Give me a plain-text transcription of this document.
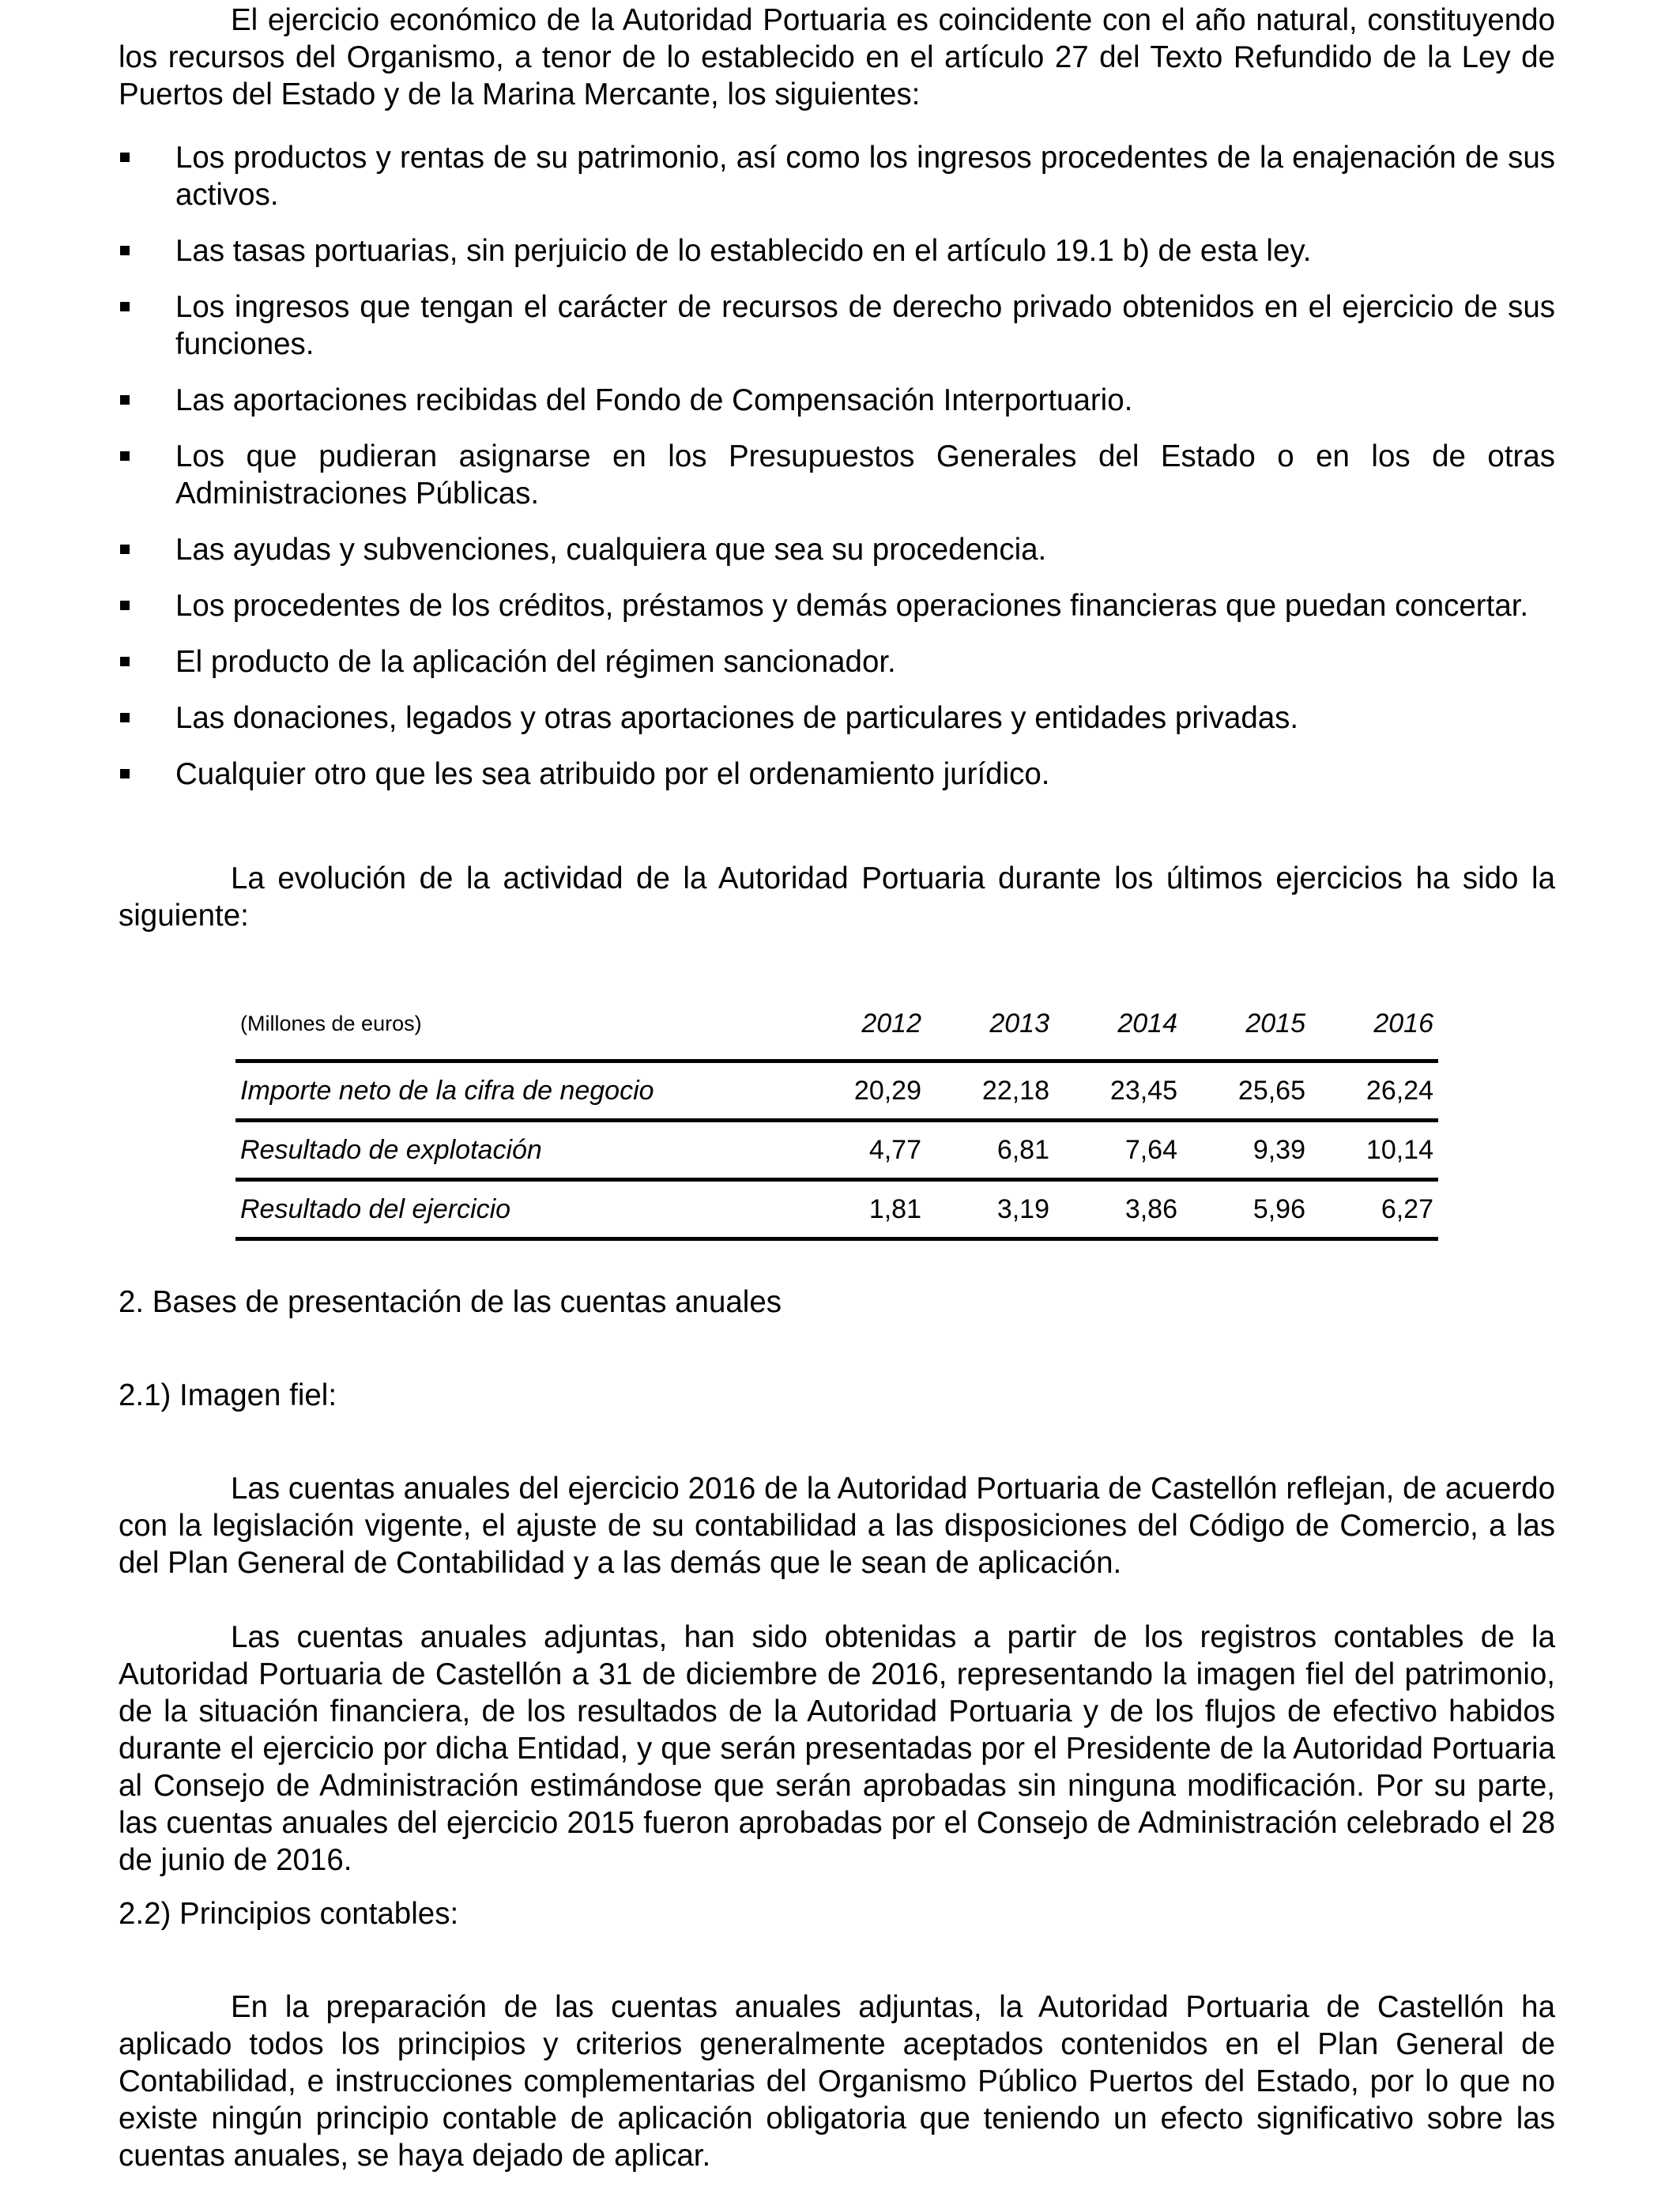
El ejercicio económico de la Autoridad Portuaria es coincidente con el año natural, constituyendo los recursos del Organismo, a tenor de lo establecido en el artículo 27 del Texto Refundido de la Ley de Puertos del Estado y de la Marina Mercante, los siguientes:

Los productos y rentas de su patrimonio, así como los ingresos procedentes de la enajenación de sus activos.
Las tasas portuarias, sin perjuicio de lo establecido en el artículo 19.1 b) de esta ley.
Los ingresos que tengan el carácter de recursos de derecho privado obtenidos en el ejercicio de sus funciones.
Las aportaciones recibidas del Fondo de Compensación Interportuario.
Los que pudieran asignarse en los Presupuestos Generales del Estado o en los de otras Administraciones Públicas.
Las ayudas y subvenciones, cualquiera que sea su procedencia.
Los procedentes de los créditos, préstamos y demás operaciones financieras que puedan concertar.
El producto de la aplicación del régimen sancionador.
Las donaciones, legados y otras aportaciones de particulares y entidades privadas.
Cualquier otro que les sea atribuido por el ordenamiento jurídico.

La evolución de la actividad de la Autoridad Portuaria durante los últimos ejercicios ha sido la siguiente:

(Millones de euros)	2012	2013	2014	2015	2016
Importe neto de la cifra de negocio	20,29	22,18	23,45	25,65	26,24
Resultado de explotación	4,77	6,81	7,64	9,39	10,14
Resultado del ejercicio	1,81	3,19	3,86	5,96	6,27

2. Bases de presentación de las cuentas anuales

2.1) Imagen fiel:

Las cuentas anuales del ejercicio 2016 de la Autoridad Portuaria de Castellón reflejan, de acuerdo con la legislación vigente, el ajuste de su contabilidad a las disposiciones del Código de Comercio, a las del Plan General de Contabilidad y a las demás que le sean de aplicación.

Las cuentas anuales adjuntas, han sido obtenidas a partir de los registros contables de la Autoridad Portuaria de Castellón a 31 de diciembre de 2016, representando la imagen fiel del patrimonio, de la situación financiera, de los resultados de la Autoridad Portuaria y de los flujos de efectivo habidos durante el ejercicio por dicha Entidad, y que serán presentadas por el Presidente de la Autoridad Portuaria al Consejo de Administración estimándose que serán aprobadas sin ninguna modificación. Por su parte, las cuentas anuales del ejercicio 2015 fueron aprobadas por el Consejo de Administración celebrado el 28 de junio de 2016.

2.2) Principios contables:

En la preparación de las cuentas anuales adjuntas, la Autoridad Portuaria de Castellón ha aplicado todos los principios y criterios generalmente aceptados contenidos en el Plan General de Contabilidad, e instrucciones complementarias del Organismo Público Puertos del Estado, por lo que no existe ningún principio contable de aplicación obligatoria que teniendo un efecto significativo sobre las cuentas anuales, se haya dejado de aplicar.
